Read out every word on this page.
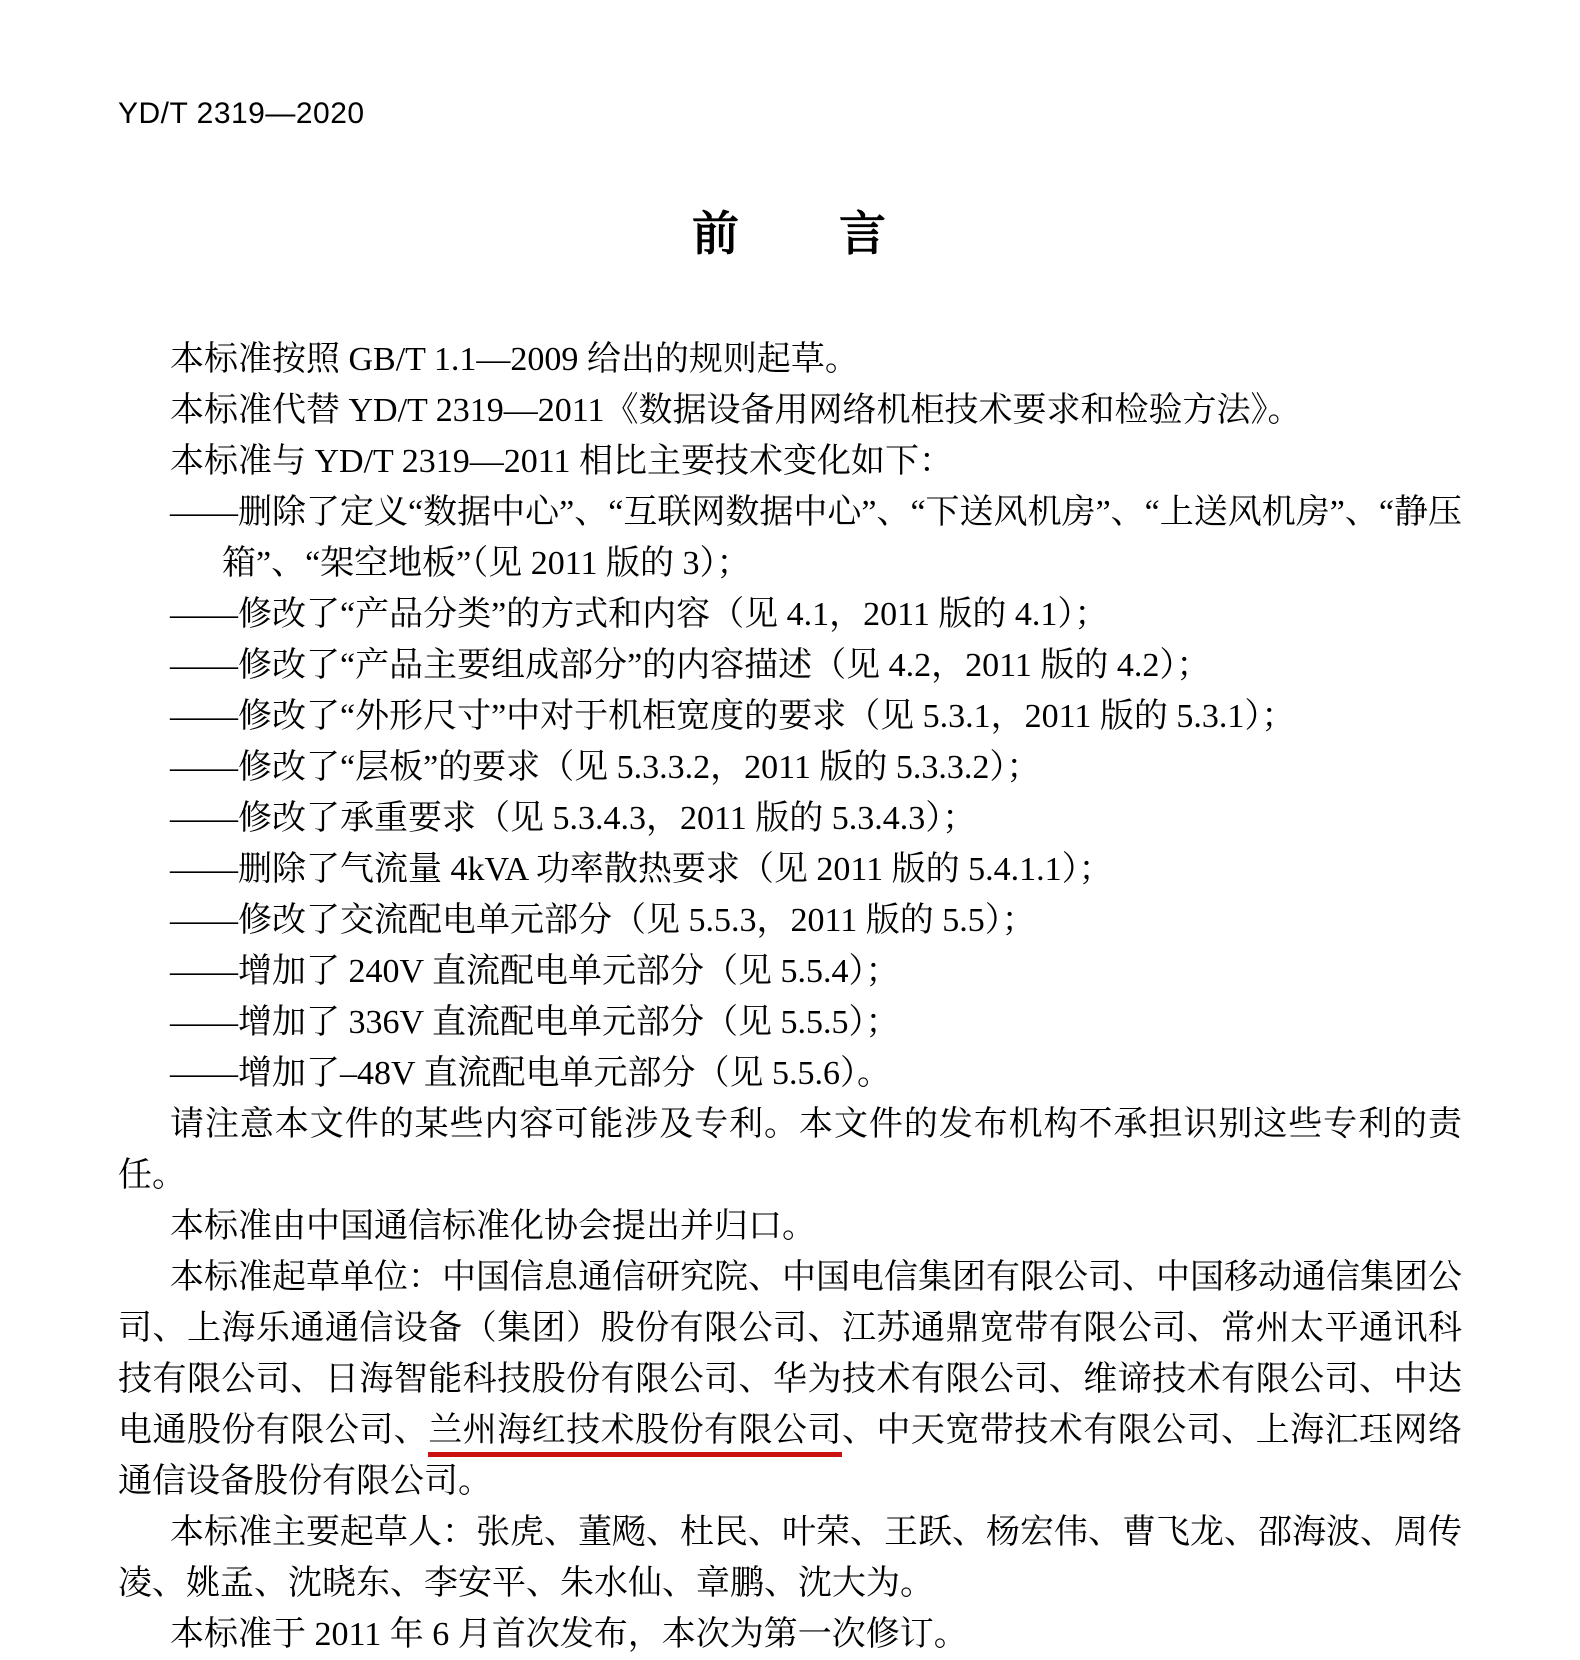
YD/T 2319—2020
前　　言

本标准按照 GB/T 1.1—2009 给出的规则起草。

本标准代替 YD/T 2319—2011《数据设备用网络机柜技术要求和检验方法》。

本标准与 YD/T 2319—2011 相比主要技术变化如下：

——删除了定义“数据中心”、“互联网数据中心”、“下送风机房”、“上送风机房”、“静压箱”、“架空地板”（见 2011 版的 3）；

——修改了“产品分类”的方式和内容（见 4.1，2011 版的 4.1）；

——修改了“产品主要组成部分”的内容描述（见 4.2，2011 版的 4.2）；

——修改了“外形尺寸”中对于机柜宽度的要求（见 5.3.1，2011 版的 5.3.1）；

——修改了“层板”的要求（见 5.3.3.2，2011 版的 5.3.3.2）；

——修改了承重要求（见 5.3.4.3，2011 版的 5.3.4.3）；

——删除了气流量 4kVA 功率散热要求（见 2011 版的 5.4.1.1）；

——修改了交流配电单元部分（见 5.5.3，2011 版的 5.5）；

——增加了 240V 直流配电单元部分（见 5.5.4）；

——增加了 336V 直流配电单元部分（见 5.5.5）；

——增加了–48V 直流配电单元部分（见 5.5.6）。

请注意本文件的某些内容可能涉及专利。本文件的发布机构不承担识别这些专利的责任。

本标准由中国通信标准化协会提出并归口。

本标准起草单位：中国信息通信研究院、中国电信集团有限公司、中国移动通信集团公司、上海乐通通信设备（集团）股份有限公司、江苏通鼎宽带有限公司、常州太平通讯科技有限公司、日海智能科技股份有限公司、华为技术有限公司、维谛技术有限公司、中达电通股份有限公司、兰州海红技术股份有限公司、中天宽带技术有限公司、上海汇珏网络通信设备股份有限公司。

本标准主要起草人：张虎、董飏、杜民、叶荣、王跃、杨宏伟、曹飞龙、邵海波、周传凌、姚孟、沈晓东、李安平、朱水仙、章鹏、沈大为。

本标准于 2011 年 6 月首次发布，本次为第一次修订。
